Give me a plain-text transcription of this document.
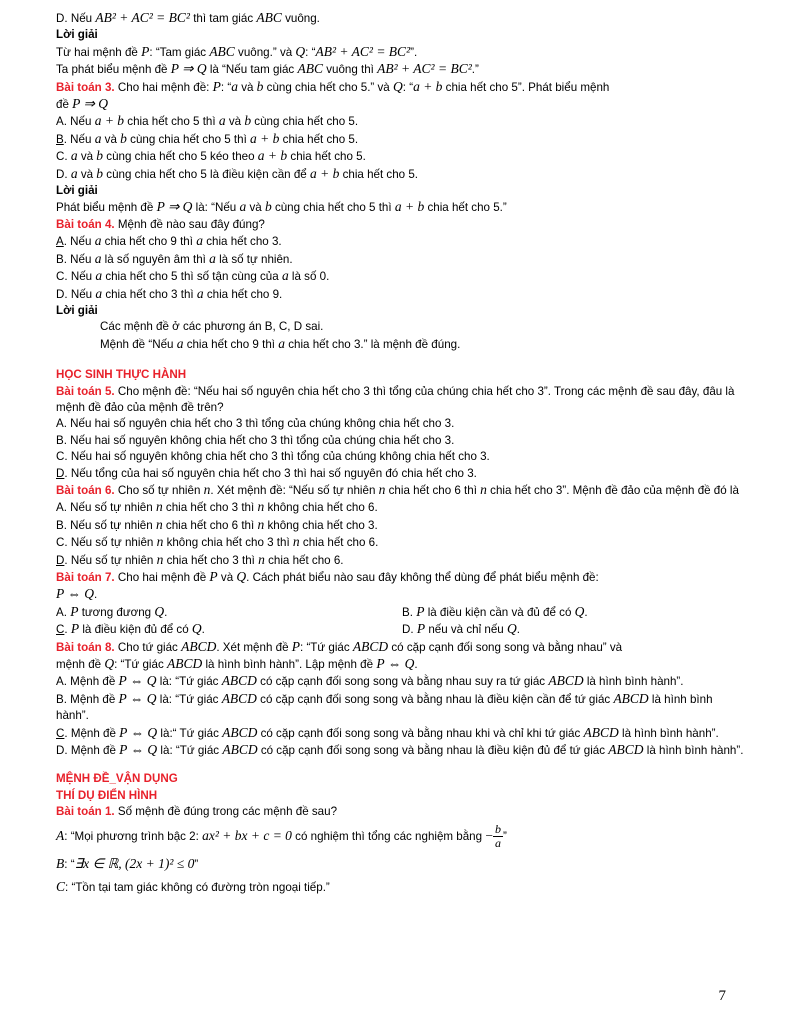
D. Nếu AB² + AC² = BC² thì tam giác ABC vuông.
Lời giải
Từ hai mệnh đề P: “Tam giác ABC vuông.” và Q: “AB² + AC² = BC²”.
Ta phát biểu mệnh đề P ⇒ Q là “Nếu tam giác ABC vuông thì AB² + AC² = BC².”
Bài toán 3. Cho hai mệnh đề: P: “a và b cùng chia hết cho 5.” và Q: “a + b chia hết cho 5”. Phát biểu mệnh
đề P ⇒ Q
A. Nếu a + b chia hết cho 5 thì a và b cùng chia hết cho 5.
B. Nếu a và b cùng chia hết cho 5 thì a + b chia hết cho 5.
C. a và b cùng chia hết cho 5 kéo theo a + b chia hết cho 5.
D. a và b cùng chia hết cho 5 là điều kiện cần để a + b chia hết cho 5.
Lời giải
Phát biểu mệnh đề P ⇒ Q là: “Nếu a và b cùng chia hết cho 5 thì a + b chia hết cho 5.”
Bài toán 4. Mệnh đề nào sau đây đúng?
A. Nếu a chia hết cho 9 thì a chia hết cho 3.
B. Nếu a là số nguyên âm thì a là số tự nhiên.
C. Nếu a chia hết cho 5 thì số tận cùng của a là số 0.
D. Nếu a chia hết cho 3 thì a chia hết cho 9.
Lời giải
Các mệnh đề ở các phương án B, C, D sai.
Mệnh đề “Nếu a chia hết cho 9 thì a chia hết cho 3.” là mệnh đề đúng.
HỌC SINH THỰC HÀNH
Bài toán 5. Cho mệnh đề: “Nếu hai số nguyên chia hết cho 3 thì tổng của chúng chia hết cho 3”. Trong các mệnh đề sau đây, đâu là mệnh đề đảo của mệnh đề trên?
A. Nếu hai số nguyên chia hết cho 3 thì tổng của chúng không chia hết cho 3.
B. Nếu hai số nguyên không chia hết cho 3 thì tổng của chúng chia hết cho 3.
C. Nếu hai số nguyên không chia hết cho 3 thì tổng của chúng không chia hết cho 3.
D. Nếu tổng của hai số nguyên chia hết cho 3 thì hai số nguyên đó chia hết cho 3.
Bài toán 6. Cho số tự nhiên n. Xét mệnh đề: “Nếu số tự nhiên n chia hết cho 6 thì n chia hết cho 3”. Mệnh đề đảo của mệnh đề đó là
A. Nếu số tự nhiên n chia hết cho 3 thì n không chia hết cho 6.
B. Nếu số tự nhiên n chia hết cho 6 thì n không chia hết cho 3.
C. Nếu số tự nhiên n không chia hết cho 3 thì n chia hết cho 6.
D. Nếu số tự nhiên n chia hết cho 3 thì n chia hết cho 6.
Bài toán 7. Cho hai mệnh đề P và Q. Cách phát biểu nào sau đây không thể dùng để phát biểu mệnh đề:
P ⇔ Q.
A. P tương đương Q.	B. P là điều kiện cần và đủ để có Q.
C. P là điều kiện đủ để có Q.	D. P nếu và chỉ nếu Q.
Bài toán 8. Cho tứ giác ABCD. Xét mệnh đề P: “Tứ giác ABCD có cặp cạnh đối song song và bằng nhau” và
mệnh đề Q: “Tứ giác ABCD là hình bình hành”. Lập mệnh đề P ⇔ Q.
A. Mệnh đề P ⇔ Q là: “Tứ giác ABCD có cặp cạnh đối song song và bằng nhau suy ra tứ giác ABCD là hình bình hành”.
B. Mệnh đề P ⇔ Q là: “Tứ giác ABCD có cặp cạnh đối song song và bằng nhau là điều kiện cần để tứ giác ABCD là hình bình hành”.
C. Mệnh đề P ⇔ Q là:“ Tứ giác ABCD có cặp cạnh đối song song và bằng nhau khi và chỉ khi tứ giác ABCD là hình bình hành”.
D. Mệnh đề P ⇔ Q là: “Tứ giác ABCD có cặp cạnh đối song song và bằng nhau là điều kiện đủ để tứ giác ABCD là hình bình hành”.
MỆNH ĐỀ_VẬN DỤNG
THÍ DỤ ĐIỂN HÌNH
Bài toán 1. Số mệnh đề đúng trong các mệnh đề sau?
A: “Mọi phương trình bậc 2: ax² + bx + c = 0 có nghiệm thì tổng các nghiệm bằng − $\frac{b}{a}$ ”
B: “∃x ∈ ℝ, (2x + 1)² ≤ 0”
C: “Tồn tại tam giác không có đường tròn ngoại tiếp.”
7
